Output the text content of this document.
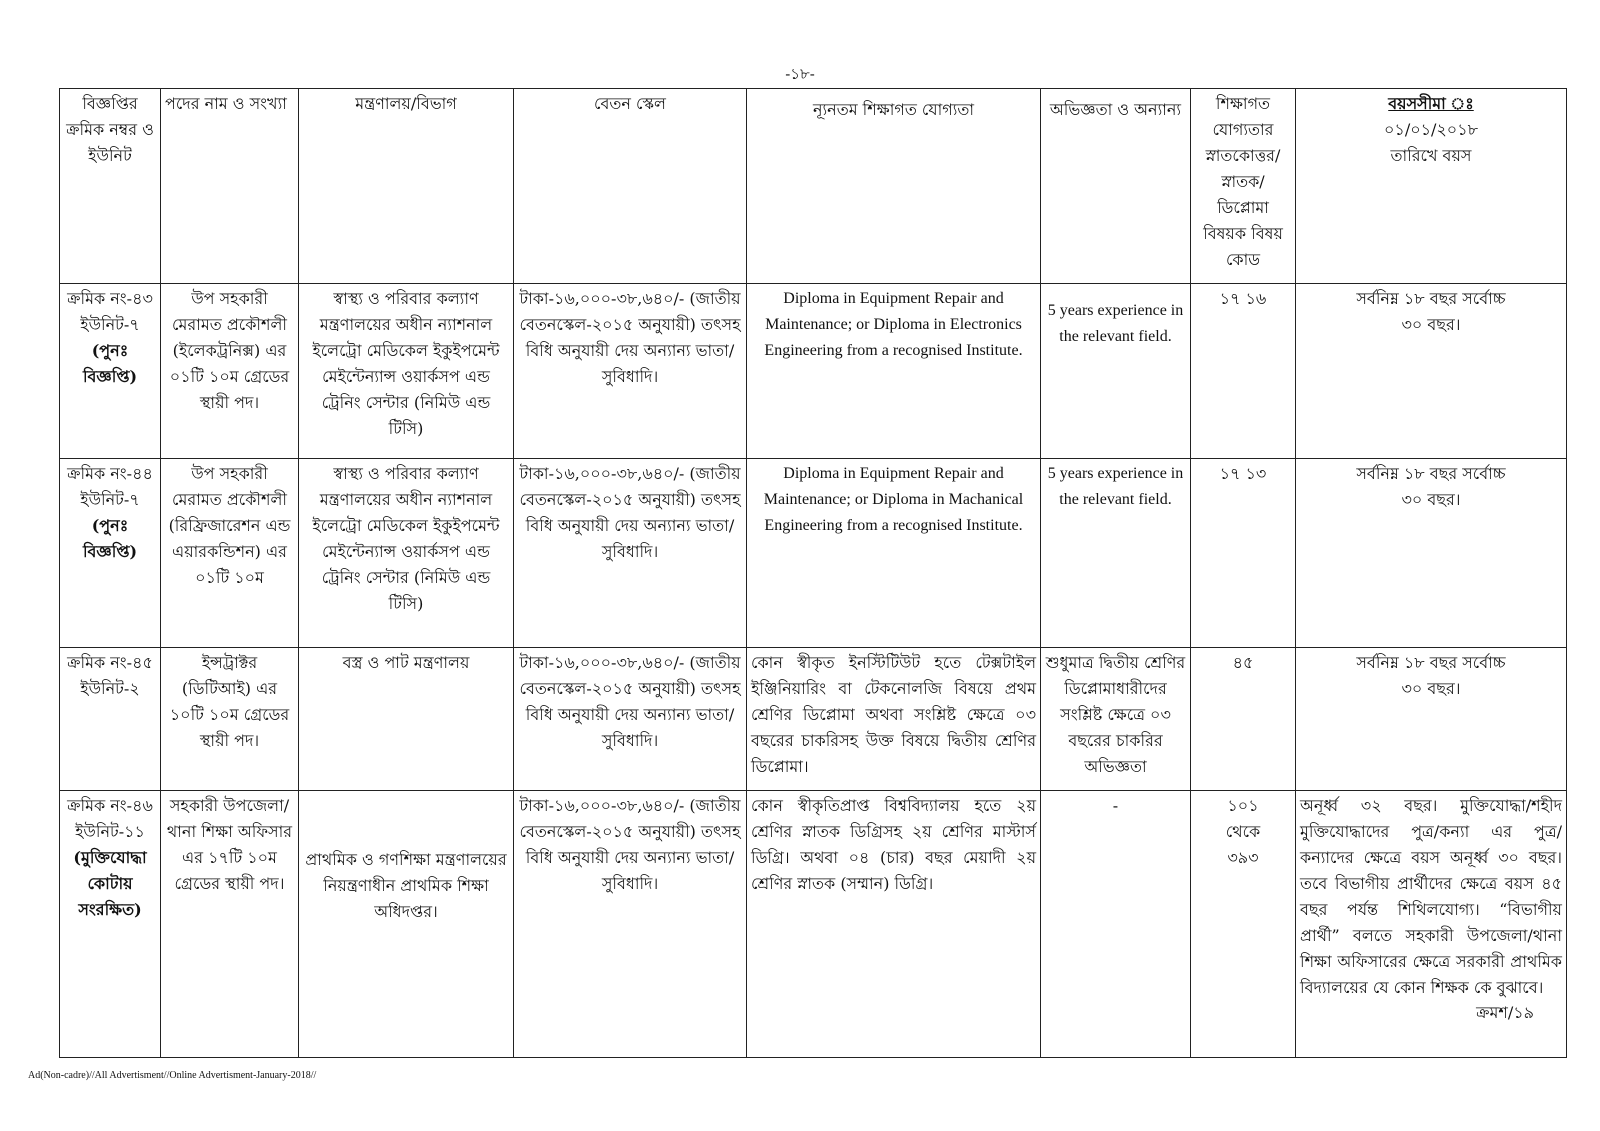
-১৮-
বিজ্ঞপ্তির ক্রমিক নম্বর ও ইউনিট	পদের নাম ও সংখ্যা	মন্ত্রণালয়/বিভাগ	বেতন স্কেল	ন্যূনতম শিক্ষাগত যোগ্যতা	অভিজ্ঞতা ও অন্যান্য	শিক্ষাগত যোগ্যতার স্নাতকোত্তর/ স্নাতক/ ডিপ্লোমা বিষয়ক বিষয় কোড	বয়সসীমা ঃ
০১/০১/২০১৮
তারিখে বয়স

ক্রমিক নং-৪৩ ইউনিট-৭
(পুনঃ বিজ্ঞপ্তি)	উপ সহকারী মেরামত প্রকৌশলী (ইলেকট্রনিক্স) এর ০১টি ১০ম গ্রেডের স্থায়ী পদ।	স্বাস্থ্য ও পরিবার কল্যাণ মন্ত্রণালয়ের অধীন ন্যাশনাল ইলেট্রো মেডিকেল ইকুইপমেন্ট মেইন্টেন্যান্স ওয়ার্কসপ এন্ড ট্রেনিং সেন্টার (নিমিউ এন্ড টিসি)	টাকা-১৬,০০০-৩৮,৬৪০/- (জাতীয় বেতনস্কেল-২০১৫ অনুযায়ী) তৎসহ বিধি অনুযায়ী দেয় অন্যান্য ভাতা/সুবিধাদি।	Diploma in Equipment Repair and Maintenance; or Diploma in Electronics Engineering from a recognised Institute.	5 years experience in the relevant field.	১৭ ১৬	সর্বনিম্ন ১৮ বছর সর্বোচ্চ ৩০ বছর।

ক্রমিক নং-৪৪ ইউনিট-৭
(পুনঃ বিজ্ঞপ্তি)	উপ সহকারী মেরামত প্রকৌশলী (রিফ্রিজারেশন এন্ড এয়ারকন্ডিশন) এর ০১টি ১০ম	স্বাস্থ্য ও পরিবার কল্যাণ মন্ত্রণালয়ের অধীন ন্যাশনাল ইলেট্রো মেডিকেল ইকুইপমেন্ট মেইন্টেন্যান্স ওয়ার্কসপ এন্ড ট্রেনিং সেন্টার (নিমিউ এন্ড টিসি)	টাকা-১৬,০০০-৩৮,৬৪০/- (জাতীয় বেতনস্কেল-২০১৫ অনুযায়ী) তৎসহ বিধি অনুযায়ী দেয় অন্যান্য ভাতা/সুবিধাদি।	Diploma in Equipment Repair and Maintenance; or Diploma in Machanical Engineering from a recognised Institute.	5 years experience in the relevant field.	১৭ ১৩	সর্বনিম্ন ১৮ বছর সর্বোচ্চ ৩০ বছর।
ক্রমিক নং-৪৫ ইউনিট-২	ইন্সট্রাক্টর (ডিটিআই) এর ১০টি ১০ম গ্রেডের স্থায়ী পদ।	বস্ত্র ও পাট মন্ত্রণালয়	টাকা-১৬,০০০-৩৮,৬৪০/- (জাতীয় বেতনস্কেল-২০১৫ অনুযায়ী) তৎসহ বিধি অনুযায়ী দেয় অন্যান্য ভাতা/সুবিধাদি।	কোন স্বীকৃত ইনস্টিটিউট হতে টেক্সটাইল ইঞ্জিনিয়ারিং বা টেকনোলজি বিষয়ে প্রথম শ্রেণির ডিপ্লোমা অথবা সংশ্লিষ্ট ক্ষেত্রে ০৩ বছরের চাকরিসহ উক্ত বিষয়ে দ্বিতীয় শ্রেণির ডিপ্লোমা।	শুধুমাত্র দ্বিতীয় শ্রেণির ডিপ্লোমাধারীদের সংশ্লিষ্ট ক্ষেত্রে ০৩ বছরের চাকরির অভিজ্ঞতা	৪৫	সর্বনিম্ন ১৮ বছর সর্বোচ্চ ৩০ বছর।

ক্রমিক নং-৪৬ ইউনিট-১১
(মুক্তিযোদ্ধা কোটায় সংরক্ষিত)	সহকারী উপজেলা/থানা শিক্ষা অফিসার এর ১৭টি ১০ম গ্রেডের স্থায়ী পদ।	প্রাথমিক ও গণশিক্ষা মন্ত্রণালয়ের নিয়ন্ত্রণাধীন প্রাথমিক শিক্ষা অধিদপ্তর।	টাকা-১৬,০০০-৩৮,৬৪০/- (জাতীয় বেতনস্কেল-২০১৫ অনুযায়ী) তৎসহ বিধি অনুযায়ী দেয় অন্যান্য ভাতা/সুবিধাদি।	কোন স্বীকৃতিপ্রাপ্ত বিশ্ববিদ্যালয় হতে ২য় শ্রেণির স্নাতক ডিগ্রিসহ ২য় শ্রেণির মাস্টার্স ডিগ্রি। অথবা ০৪ (চার) বছর মেয়াদী ২য় শ্রেণির স্নাতক (সম্মান) ডিগ্রি।	-	১০১ থেকে ৩৯৩	অনূর্ধ্ব ৩২ বছর। মুক্তিযোদ্ধা/শহীদ মুক্তিযোদ্ধাদের পুত্র/কন্যা এর পুত্র/কন্যাদের ক্ষেত্রে বয়স অনূর্ধ্ব ৩০ বছর। তবে বিভাগীয় প্রার্থীদের ক্ষেত্রে বয়স ৪৫ বছর পর্যন্ত শিথিলযোগ্য। “বিভাগীয় প্রার্থী” বলতে সহকারী উপজেলা/থানা শিক্ষা অফিসারের ক্ষেত্রে সরকারী প্রাথমিক বিদ্যালয়ের যে কোন শিক্ষক কে বুঝাবে।
ক্রমশ/১৯
Ad(Non-cadre)//All Advertisment//Online Advertisment-January-2018//
